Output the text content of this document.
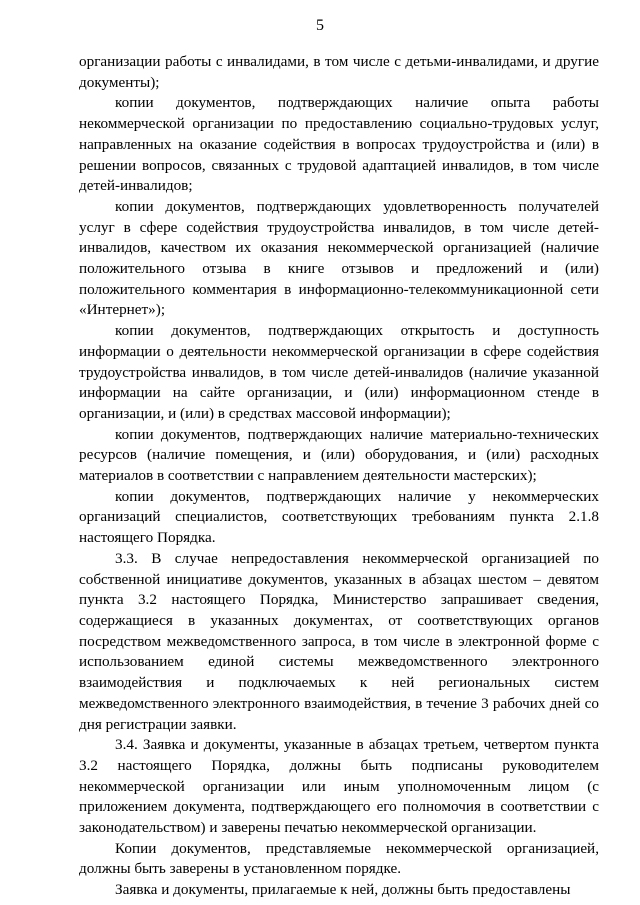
5

организации работы с инвалидами, в том числе с детьми-инвалидами, и другие документы);

копии документов, подтверждающих наличие опыта работы некоммерческой организации по предоставлению социально-трудовых услуг, направленных на оказание содействия в вопросах трудоустройства и (или) в решении вопросов, связанных с трудовой адаптацией инвалидов, в том числе детей-инвалидов;

копии документов, подтверждающих удовлетворенность получателей услуг в сфере содействия трудоустройства инвалидов, в том числе детей-инвалидов, качеством их оказания некоммерческой организацией (наличие положительного отзыва в книге отзывов и предложений и (или) положительного комментария в информационно-телекоммуникационной сети «Интернет»);

копии документов, подтверждающих открытость и доступность информации о деятельности некоммерческой организации в сфере содействия трудоустройства инвалидов, в том числе детей-инвалидов (наличие указанной информации на сайте организации, и (или) информационном стенде в организации, и (или) в средствах массовой информации);

копии документов, подтверждающих наличие материально-технических ресурсов (наличие помещения, и (или) оборудования, и (или) расходных материалов в соответствии с направлением деятельности мастерских);

копии документов, подтверждающих наличие у некоммерческих организаций специалистов, соответствующих требованиям пункта 2.1.8 настоящего Порядка.

3.3. В случае непредоставления некоммерческой организацией по собственной инициативе документов, указанных в абзацах шестом – девятом пункта 3.2 настоящего Порядка, Министерство запрашивает сведения, содержащиеся в указанных документах, от соответствующих органов посредством межведомственного запроса, в том числе в электронной форме с использованием единой системы межведомственного электронного взаимодействия и подключаемых к ней региональных систем межведомственного электронного взаимодействия, в течение 3 рабочих дней со дня регистрации заявки.

3.4. Заявка и документы, указанные в абзацах третьем, четвертом пункта 3.2 настоящего Порядка, должны быть подписаны руководителем некоммерческой организации или иным уполномоченным лицом (с приложением документа, подтверждающего его полномочия в соответствии с законодательством) и заверены печатью некоммерческой организации.

Копии документов, представляемые некоммерческой организацией, должны быть заверены в установленном порядке.

Заявка и документы, прилагаемые к ней, должны быть предоставлены
